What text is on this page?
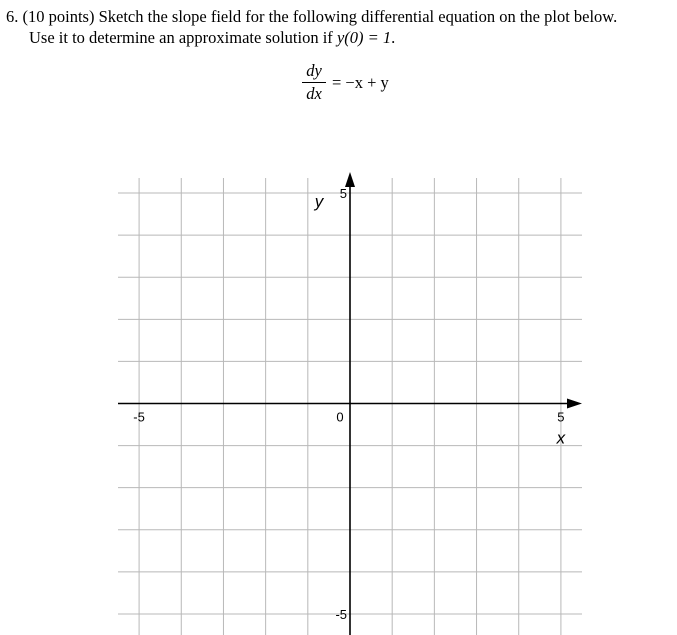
6. (10 points) Sketch the slope field for the following differential equation on the plot below.
Use it to determine an approximate solution if y(0) = 1.
$\frac{dy}{dx} = -x + y$
-5	0	5
5
-5
x
y
